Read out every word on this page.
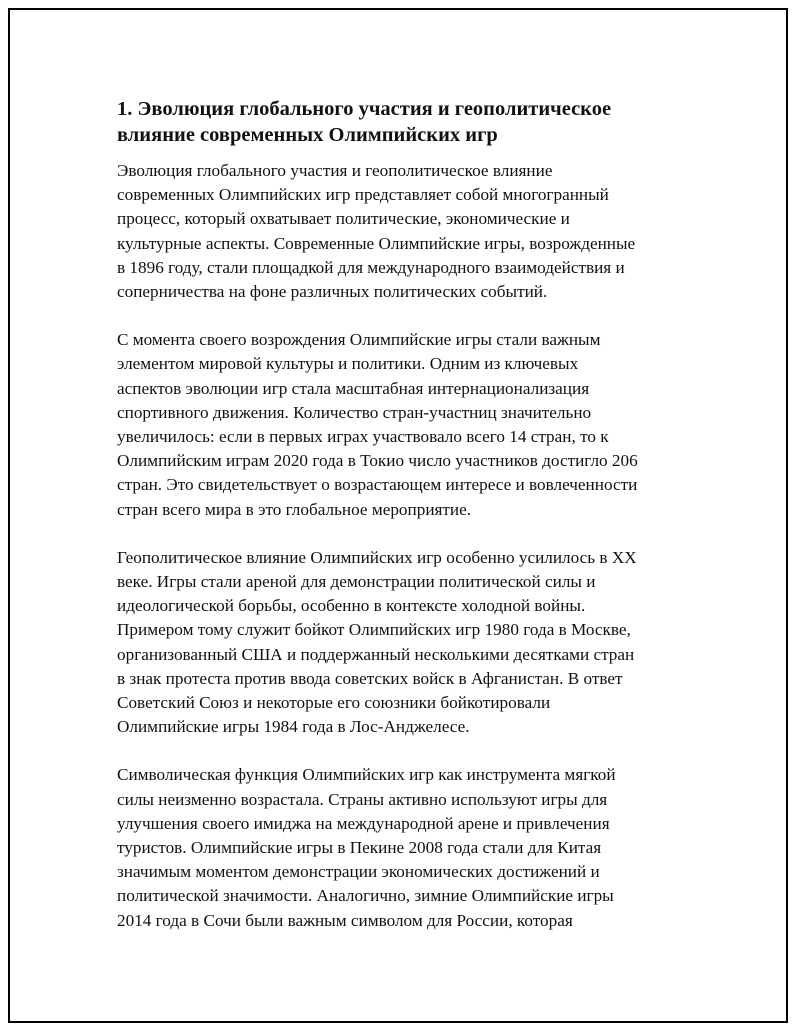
1. Эволюция глобального участия и геополитическое
влияние современных Олимпийских игр

Эволюция глобального участия и геополитическое влияние
современных Олимпийских игр представляет собой многогранный
процесс, который охватывает политические, экономические и
культурные аспекты. Современные Олимпийские игры, возрожденные
в 1896 году, стали площадкой для международного взаимодействия и
соперничества на фоне различных политических событий.

С момента своего возрождения Олимпийские игры стали важным
элементом мировой культуры и политики. Одним из ключевых
аспектов эволюции игр стала масштабная интернационализация
спортивного движения. Количество стран-участниц значительно
увеличилось: если в первых играх участвовало всего 14 стран, то к
Олимпийским играм 2020 года в Токио число участников достигло 206
стран. Это свидетельствует о возрастающем интересе и вовлеченности
стран всего мира в это глобальное мероприятие.

Геополитическое влияние Олимпийских игр особенно усилилось в XX
веке. Игры стали ареной для демонстрации политической силы и
идеологической борьбы, особенно в контексте холодной войны.
Примером тому служит бойкот Олимпийских игр 1980 года в Москве,
организованный США и поддержанный несколькими десятками стран
в знак протеста против ввода советских войск в Афганистан. В ответ
Советский Союз и некоторые его союзники бойкотировали
Олимпийские игры 1984 года в Лос-Анджелесе.

Символическая функция Олимпийских игр как инструмента мягкой
силы неизменно возрастала. Страны активно используют игры для
улучшения своего имиджа на международной арене и привлечения
туристов. Олимпийские игры в Пекине 2008 года стали для Китая
значимым моментом демонстрации экономических достижений и
политической значимости. Аналогично, зимние Олимпийские игры
2014 года в Сочи были важным символом для России, которая
